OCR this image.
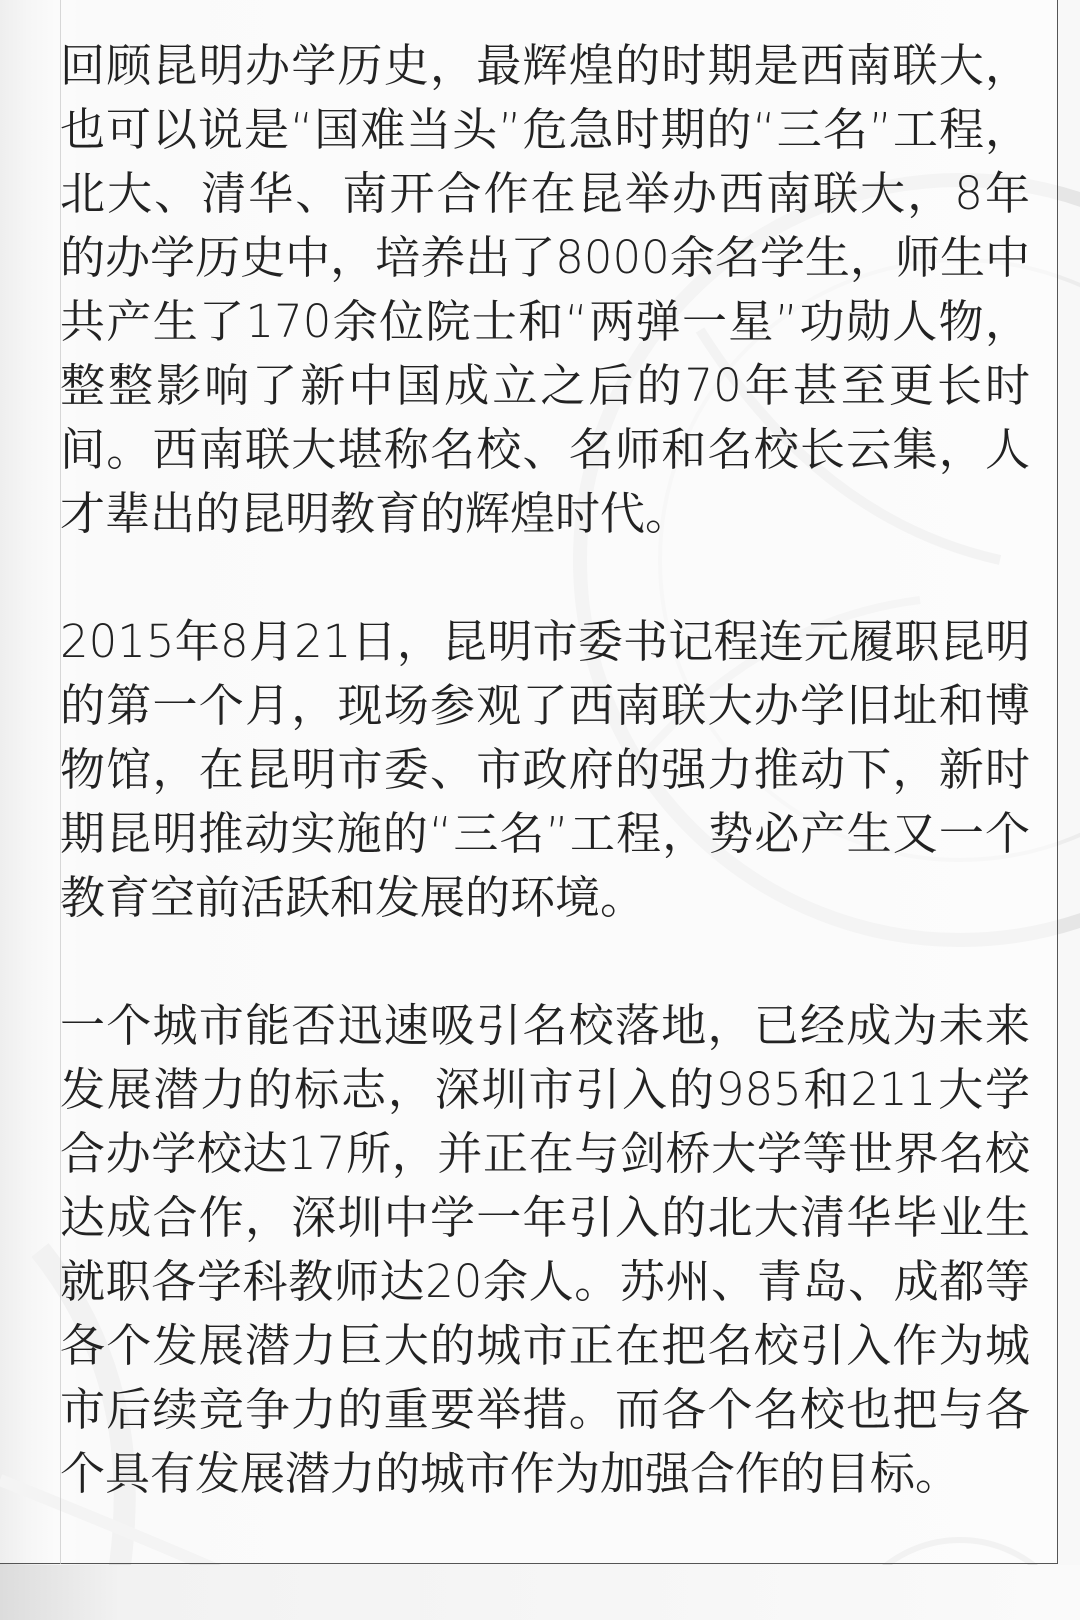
回顾昆明办学历史，最辉煌的时期是西南联大，也可以说是“国难当头”危急时期的“三名”工程，北大、清华、南开合作在昆举办西南联大，8年的办学历史中，培养出了8000余名学生，师生中共产生了170余位院士和“两弹一星”功勋人物，整整影响了新中国成立之后的70年甚至更长时间。西南联大堪称名校、名师和名校长云集，人才辈出的昆明教育的辉煌时代。

2015年8月21日，昆明市委书记程连元履职昆明的第一个月，现场参观了西南联大办学旧址和博物馆，在昆明市委、市政府的强力推动下，新时期昆明推动实施的“三名”工程，势必产生又一个教育空前活跃和发展的环境。

一个城市能否迅速吸引名校落地，已经成为未来发展潜力的标志，深圳市引入的985和211大学合办学校达17所，并正在与剑桥大学等世界名校达成合作，深圳中学一年引入的北大清华毕业生就职各学科教师达20余人。苏州、青岛、成都等各个发展潜力巨大的城市正在把名校引入作为城市后续竞争力的重要举措。而各个名校也把与各个具有发展潜力的城市作为加强合作的目标。
